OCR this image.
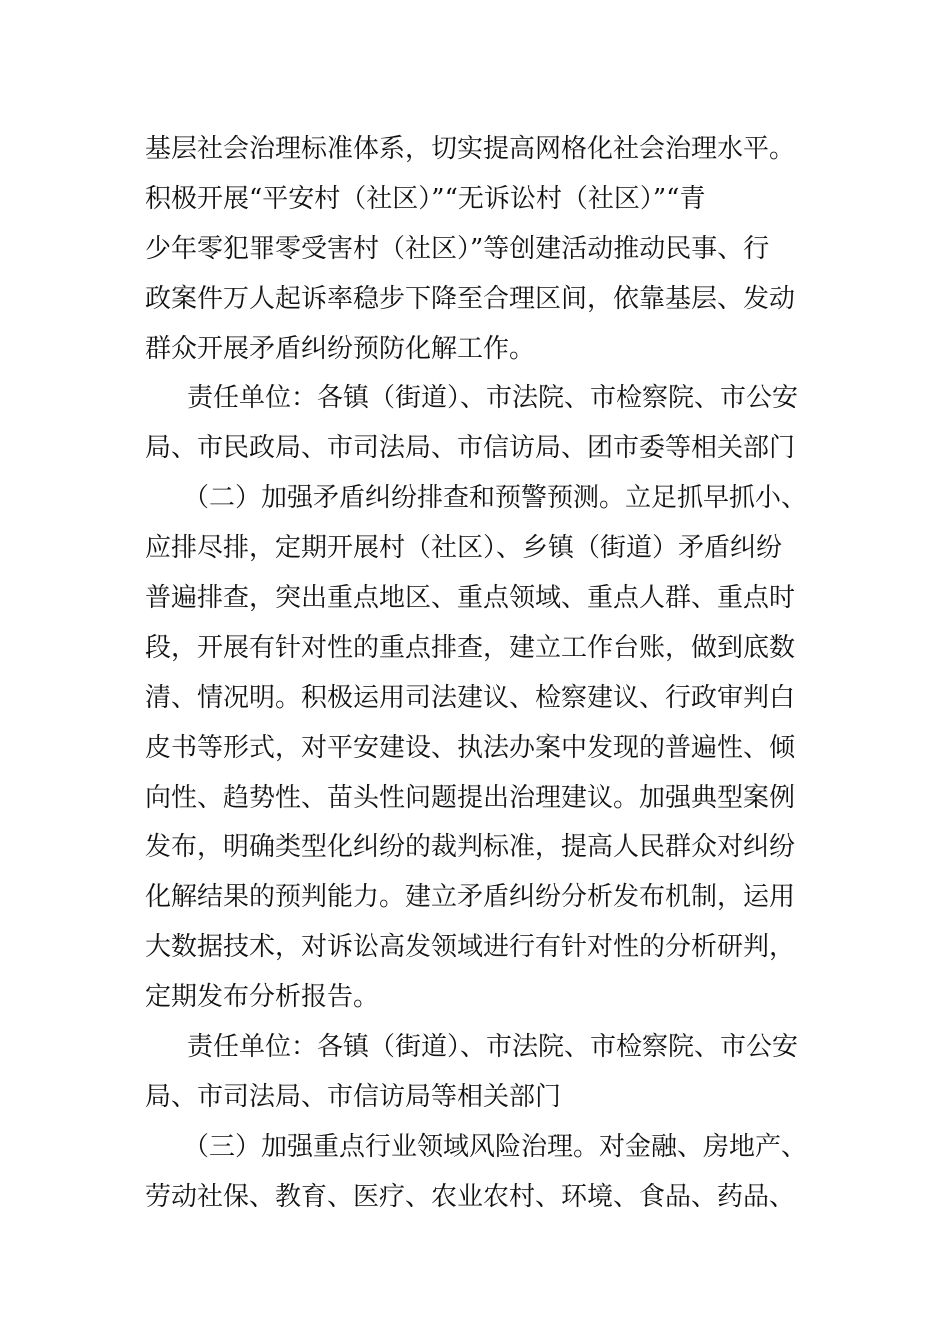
基层社会治理标准体系，切实提高网格化社会治理水平。
积极开展“平安村（社区）”“无诉讼村（社区）”“青
少年零犯罪零受害村（社区）”等创建活动推动民事、行
政案件万人起诉率稳步下降至合理区间，依靠基层、发动
群众开展矛盾纠纷预防化解工作。
责任单位：各镇（街道）、市法院、市检察院、市公安
局、市民政局、市司法局、市信访局、团市委等相关部门
（二）加强矛盾纠纷排查和预警预测。立足抓早抓小、
应排尽排，定期开展村（社区）、乡镇（街道）矛盾纠纷
普遍排查，突出重点地区、重点领域、重点人群、重点时
段，开展有针对性的重点排查，建立工作台账，做到底数
清、情况明。积极运用司法建议、检察建议、行政审判白
皮书等形式，对平安建设、执法办案中发现的普遍性、倾
向性、趋势性、苗头性问题提出治理建议。加强典型案例
发布，明确类型化纠纷的裁判标准，提高人民群众对纠纷
化解结果的预判能力。建立矛盾纠纷分析发布机制，运用
大数据技术，对诉讼高发领域进行有针对性的分析研判，
定期发布分析报告。
责任单位：各镇（街道）、市法院、市检察院、市公安
局、市司法局、市信访局等相关部门
（三）加强重点行业领域风险治理。对金融、房地产、
劳动社保、教育、医疗、农业农村、环境、食品、药品、
